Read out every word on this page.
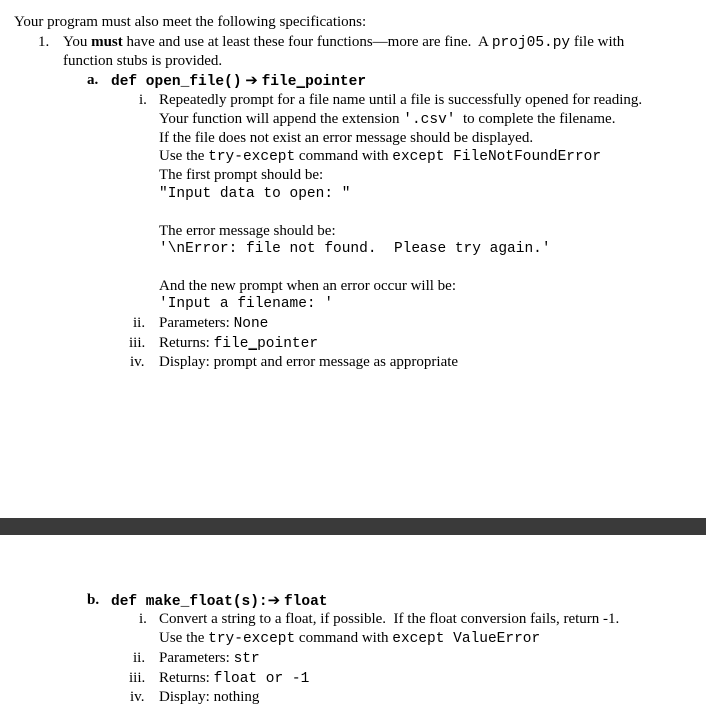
Your program must also meet the following specifications:
1. You must have and use at least these four functions—more are fine.  A proj05.py file with
function stubs is provided.
a. def open_file() ➔ file_pointer
i. Repeatedly prompt for a file name until a file is successfully opened for reading.
Your function will append the extension '.csv'  to complete the filename.
If the file does not exist an error message should be displayed.
Use the try-except command with except FileNotFoundError
The first prompt should be:
"Input data to open: "
The error message should be:
'\nError: file not found.  Please try again.'
And the new prompt when an error occur will be:
'Input a filename: '
ii. Parameters: None
iii. Returns: file_pointer
iv. Display: prompt and error message as appropriate
b. def make_float(s):➔ float
i. Convert a string to a float, if possible.  If the float conversion fails, return -1.
Use the try-except command with except ValueError
ii. Parameters: str
iii. Returns: float or -1
iv. Display: nothing
